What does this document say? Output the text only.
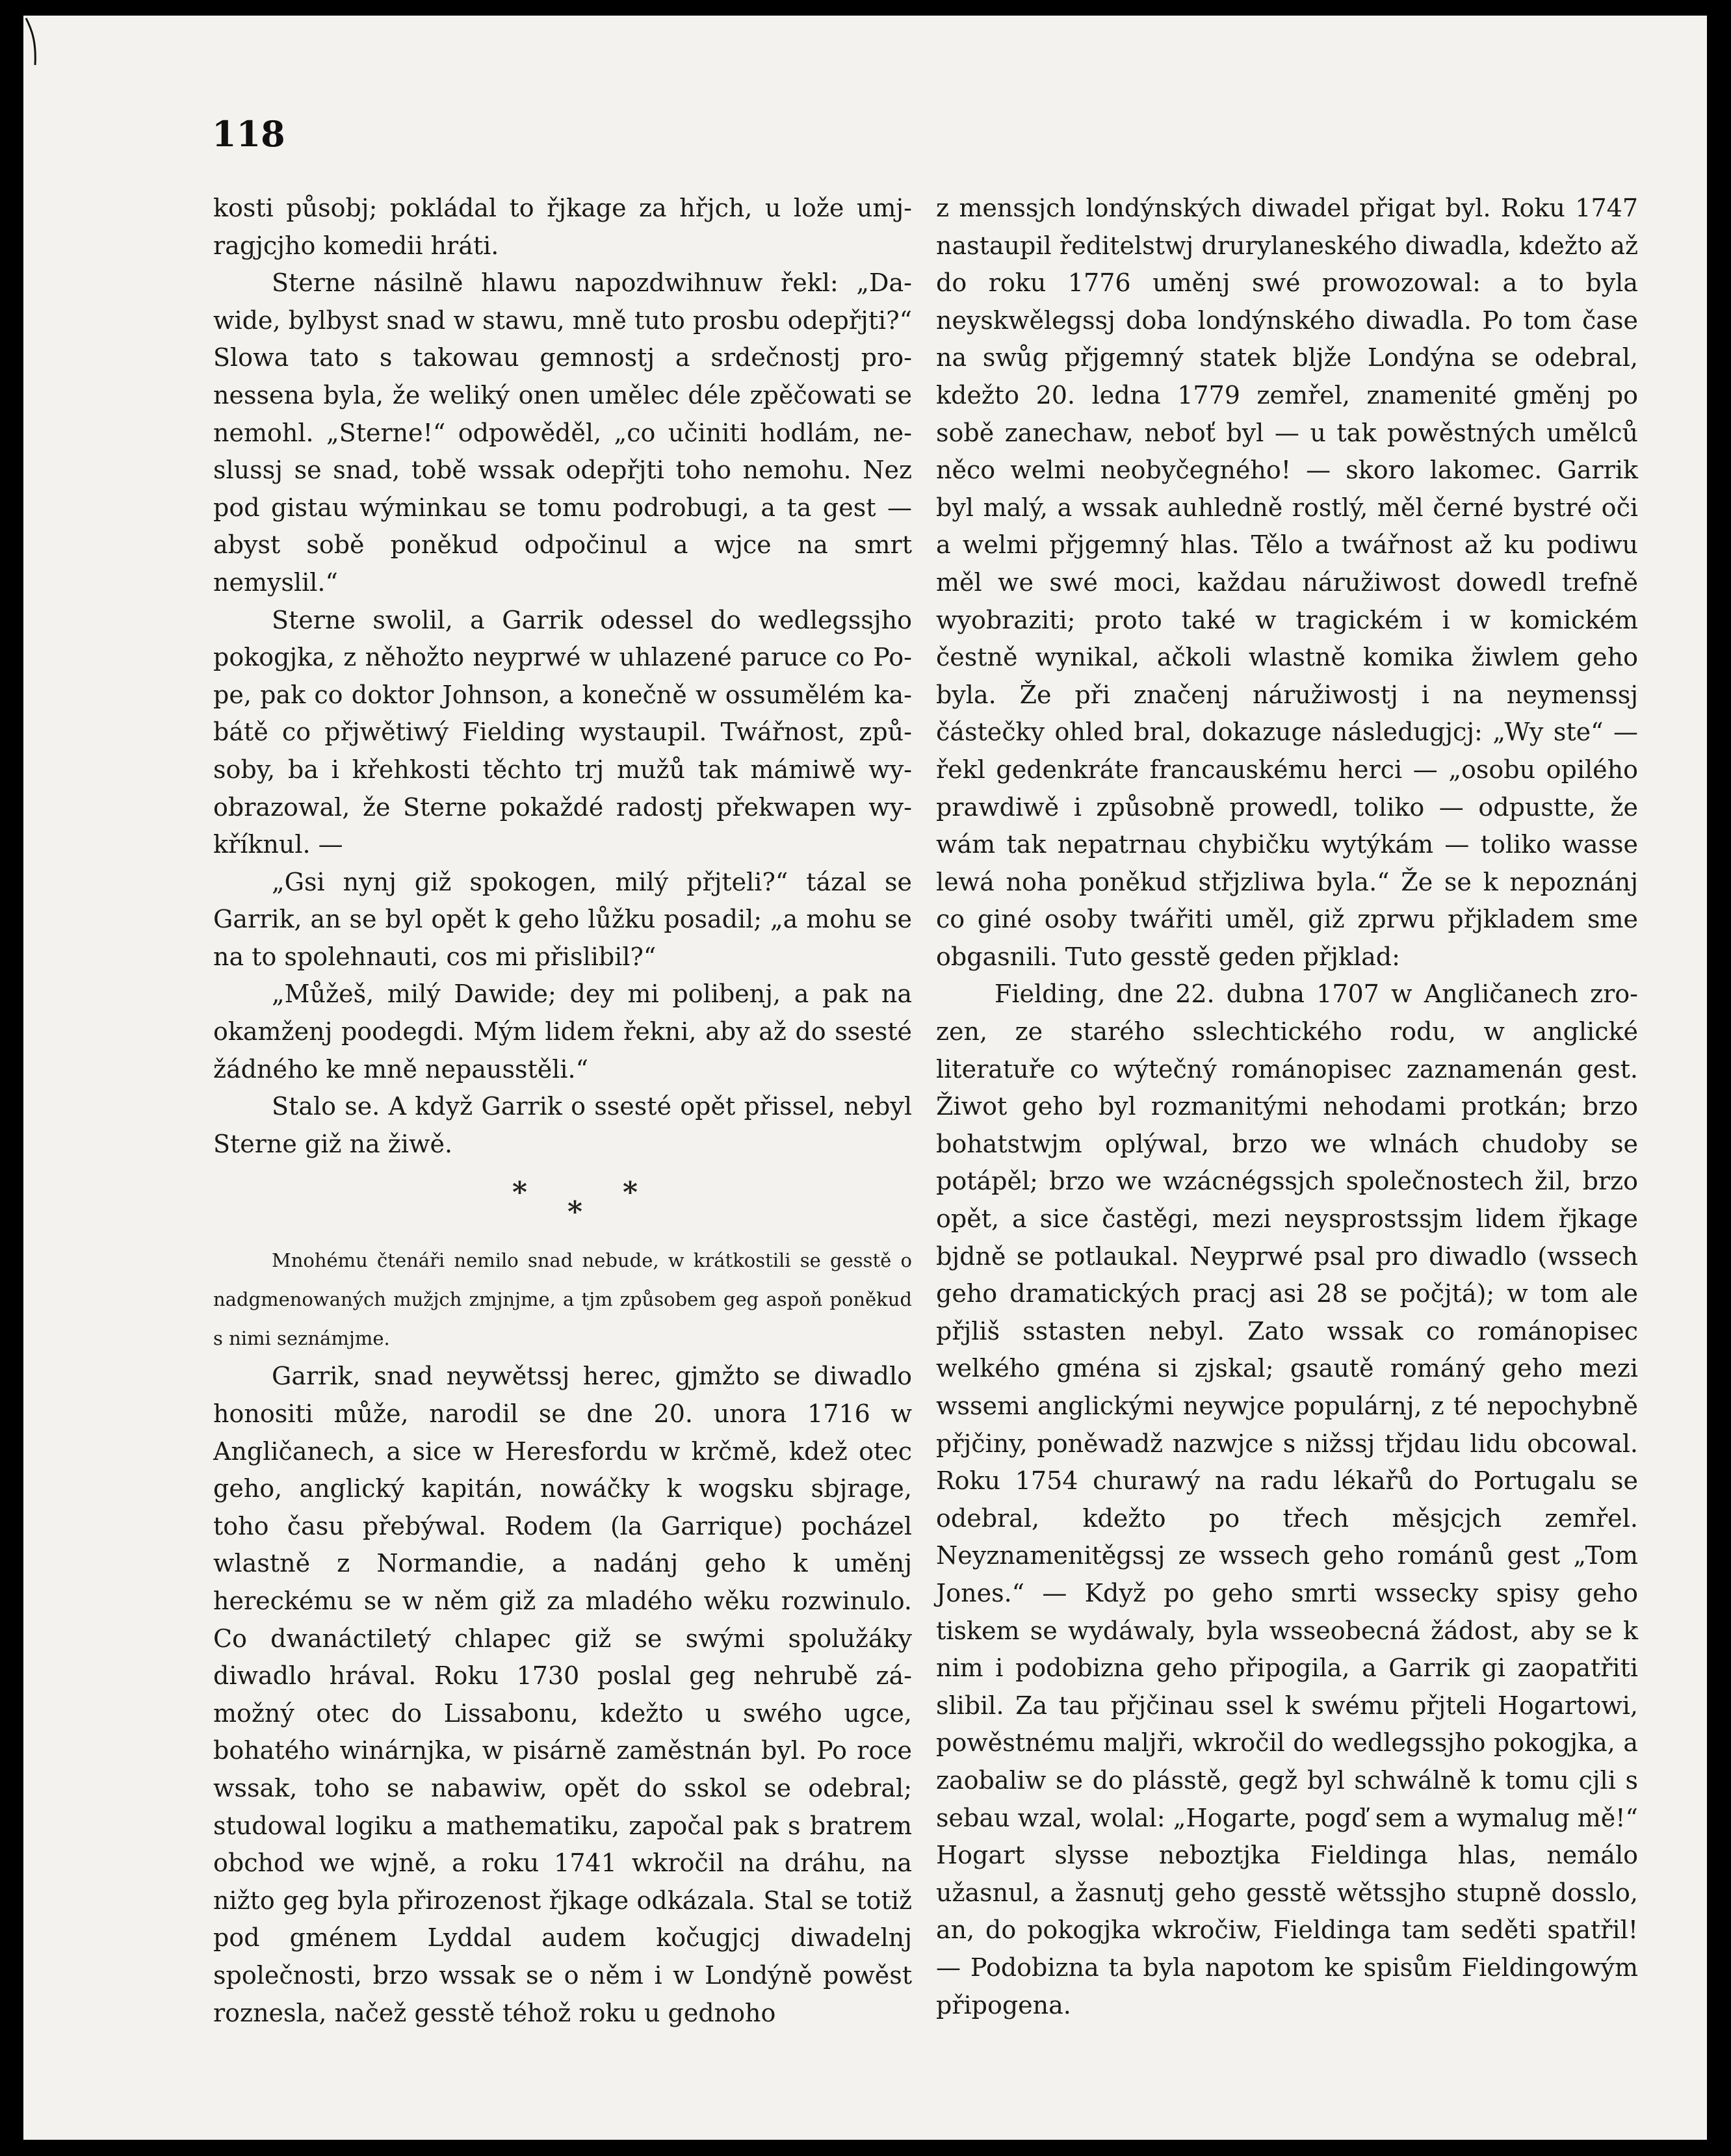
118

kosti působj; pokládal to řjkage za hřjch, u lože umjragjcjho komedii hráti.

Sterne násilně hlawu napozdwihnuw řekl: „Dawide, bylbyst snad w stawu, mně tuto prosbu odepřjti?“ Slowa tato s takowau gemnostj a srdečnostj pronessena byla, že weliký onen umělec déle zpěčowati se nemohl. „Sterne!“ odpowěděl, „co učiniti hodlám, neslussj se snad, tobě wssak odepřjti toho nemohu. Nez pod gistau wýminkau se tomu podrobugi, a ta gest — abyst sobě poněkud odpočinul a wjce na smrt nemyslil.“

Sterne swolil, a Garrik odessel do wedlegssjho pokogjka, z něhožto neyprwé w uhlazené paruce co Pope, pak co doktor Johnson, a konečně w ossumělém kabátě co přjwětiwý Fielding wystaupil. Twářnost, způsoby, ba i křehkosti těchto trj mužů tak mámiwě wyobrazowal, že Sterne pokaždé radostj překwapen wykříknul. —

„Gsi nynj giž spokogen, milý přjteli?“ tázal se Garrik, an se byl opět k geho lůžku posadil; „a mohu se na to spolehnauti, cos mi přislibil?“

„Můžeš, milý Dawide; dey mi polibenj, a pak na okamženj poodegdi. Mým lidem řekni, aby až do ssesté žádného ke mně nepausstěli.“

Stalo se. A když Garrik o ssesté opět přissel, nebyl Sterne giž na žiwě.

*
*
*

Mnohému čtenáři nemilo snad nebude, w krátkostili se gesstě o nadgmenowaných mužjch zmjnjme, a tjm způsobem geg aspoň poněkud s nimi seznámjme.

Garrik, snad neywětssj herec, gjmžto se diwadlo honositi může, narodil se dne 20. unora 1716 w Angličanech, a sice w Heresfordu w krčmě, kdež otec geho, anglický kapitán, nowáčky k wogsku sbjrage, toho času přebýwal. Rodem (la Garrique) pocházel wlastně z Normandie, a nadánj geho k uměnj hereckému se w něm giž za mladého wěku rozwinulo. Co dwanáctiletý chlapec giž se swými spolužáky diwadlo hrával. Roku 1730 poslal geg nehrubě zámožný otec do Lissabonu, kdežto u swého ugce, bohatého winárnjka, w pisárně zaměstnán byl. Po roce wssak, toho se nabawiw, opět do sskol se odebral; studowal logiku a mathematiku, započal pak s bratrem obchod we wjně, a roku 1741 wkročil na dráhu, na nižto geg byla přirozenost řjkage odkázala. Stal se totiž pod gménem Lyddal audem kočugjcj diwadelnj společnosti, brzo wssak se o něm i w Londýně powěst roznesla, načež gesstě téhož roku u gednoho

z menssjch londýnských diwadel přigat byl. Roku 1747 nastaupil ředitelstwj drurylaneského diwadla, kdežto až do roku 1776 uměnj swé prowozowal: a to byla neyskwělegssj doba londýnského diwadla. Po tom čase na swůg přjgemný statek bljže Londýna se odebral, kdežto 20. ledna 1779 zemřel, znamenité gměnj po sobě zanechaw, neboť byl — u tak powěstných umělců něco welmi neobyčegného! — skoro lakomec. Garrik byl malý, a wssak auhledně rostlý, měl černé bystré oči a welmi přjgemný hlas. Tělo a twářnost až ku podiwu měl we swé moci, každau náružiwost dowedl trefně wyobraziti; proto také w tragickém i w komickém čestně wynikal, ačkoli wlastně komika žiwlem geho byla. Že při značenj náružiwostj i na neymenssj částečky ohled bral, dokazuge následugjcj: „Wy ste“ — řekl gedenkráte francauskému herci — „osobu opilého prawdiwě i způsobně prowedl, toliko — odpustte, že wám tak nepatrnau chybičku wytýkám — toliko wasse lewá noha poněkud střjzliwa byla.“ Že se k nepoznánj co giné osoby twářiti uměl, giž zprwu přjkladem sme obgasnili. Tuto gesstě geden přjklad:

Fielding, dne 22. dubna 1707 w Angličanech zrozen, ze starého sslechtického rodu, w anglické literatuře co wýtečný románopisec zaznamenán gest. Žiwot geho byl rozmanitými nehodami protkán; brzo bohatstwjm oplýwal, brzo we wlnách chudoby se potápěl; brzo we wzácnégssjch společnostech žil, brzo opět, a sice častěgi, mezi neysprostssjm lidem řjkage bjdně se potlaukal. Neyprwé psal pro diwadlo (wssech geho dramatických pracj asi 28 se počjtá); w tom ale přjliš sstasten nebyl. Zato wssak co románopisec welkého gména si zjskal; gsautě románý geho mezi wssemi anglickými neywjce populárnj, z té nepochybně přjčiny, poněwadž nazwjce s nižssj třjdau lidu obcowal. Roku 1754 churawý na radu lékařů do Portugalu se odebral, kdežto po třech měsjcjch zemřel. Neyznamenitěgssj ze wssech geho románů gest „Tom Jones.“ — Když po geho smrti wssecky spisy geho tiskem se wydáwaly, byla wsseobecná žádost, aby se k nim i podobizna geho připogila, a Garrik gi zaopatřiti slibil. Za tau přjčinau ssel k swému přjteli Hogartowi, powěstnému maljři, wkročil do wedlegssjho pokogjka, a zaobaliw se do plásstě, gegž byl schwálně k tomu cjli s sebau wzal, wolal: „Hogarte, pogď sem a wymalug mě!“ Hogart slysse neboztjka Fieldinga hlas, nemálo užasnul, a žasnutj geho gesstě wětssjho stupně dosslo, an, do pokogjka wkročiw, Fieldinga tam seděti spatřil! — Podobizna ta byla napotom ke spisům Fieldingowým připogena.
